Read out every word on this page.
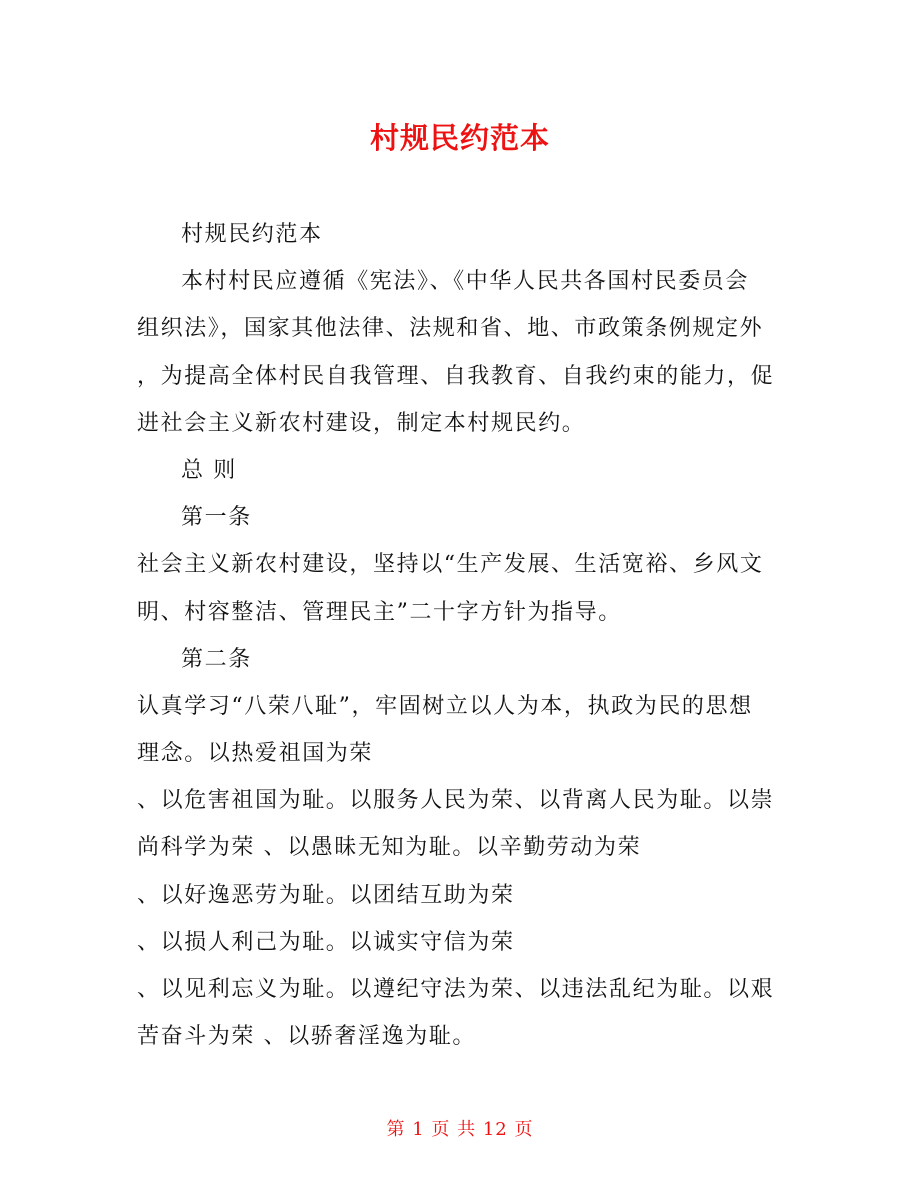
村规民约范本
村规民约范本
本村村民应遵循《宪法》、《中华人民共各国村民委员会
组织法》，国家其他法律、法规和省、地、市政策条例规定外
，为提高全体村民自我管理、自我教育、自我约束的能力，促
进社会主义新农村建设，制定本村规民约。
总 则
第一条
社会主义新农村建设，坚持以“生产发展、生活宽裕、乡风文
明、村容整洁、管理民主”二十字方针为指导。
第二条
认真学习“八荣八耻”，牢固树立以人为本，执政为民的思想
理念。以热爱祖国为荣
、以危害祖国为耻。以服务人民为荣、以背离人民为耻。以崇
尚科学为荣 、以愚昧无知为耻。以辛勤劳动为荣
、以好逸恶劳为耻。以团结互助为荣
、以损人利己为耻。以诚实守信为荣
、以见利忘义为耻。以遵纪守法为荣、以违法乱纪为耻。以艰
苦奋斗为荣 、以骄奢淫逸为耻。
第 1 页 共 12 页
